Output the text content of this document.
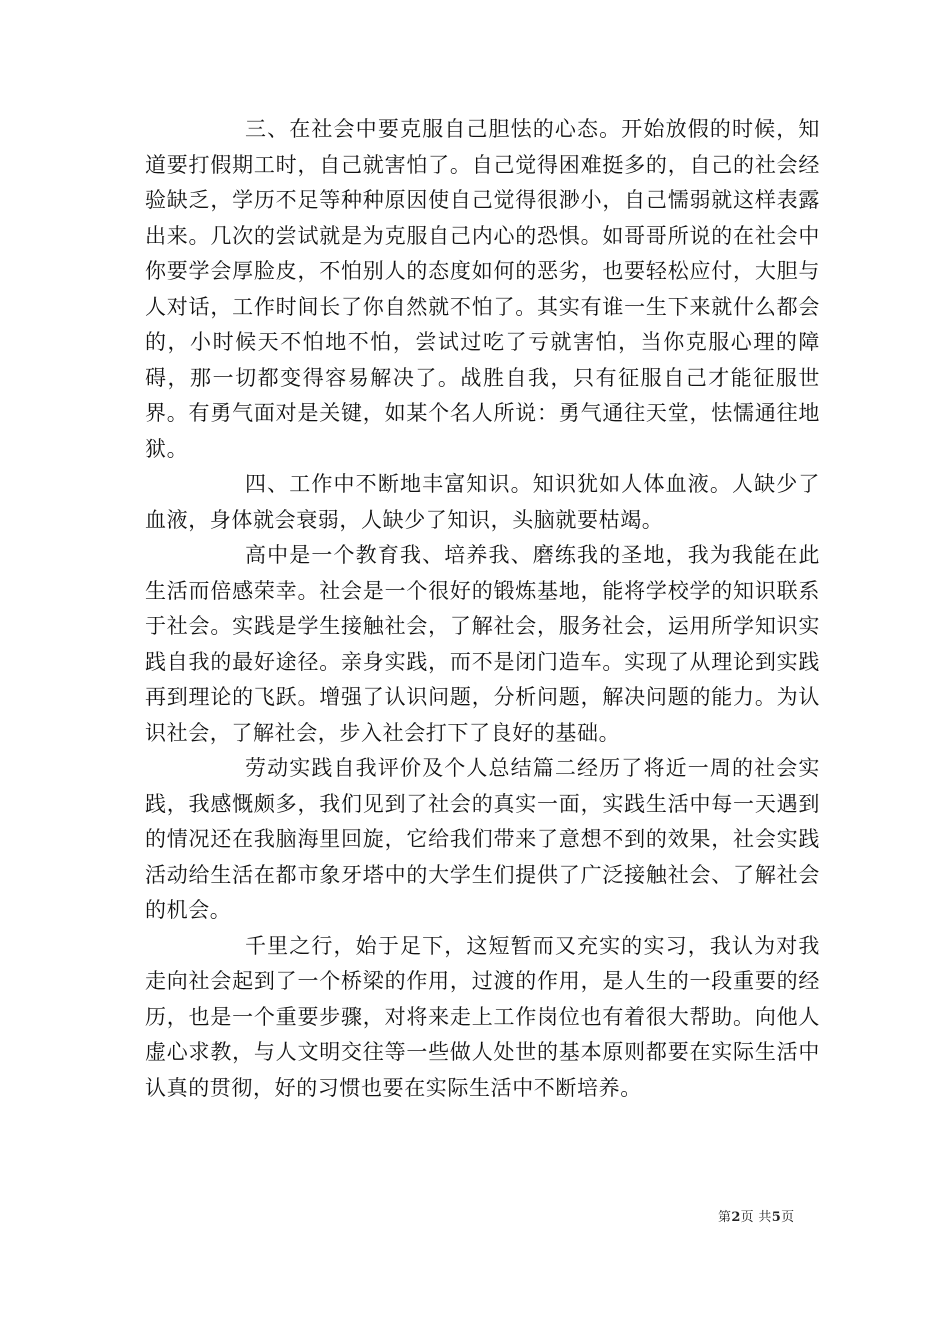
三、在社会中要克服自己胆怯的心态。开始放假的时候，知道要打假期工时，自己就害怕了。自己觉得困难挺多的，自己的社会经验缺乏，学历不足等种种原因使自己觉得很渺小，自己懦弱就这样表露出来。几次的尝试就是为克服自己内心的恐惧。如哥哥所说的在社会中你要学会厚脸皮，不怕别人的态度如何的恶劣，也要轻松应付，大胆与人对话，工作时间长了你自然就不怕了。其实有谁一生下来就什么都会的，小时候天不怕地不怕，尝试过吃了亏就害怕，当你克服心理的障碍，那一切都变得容易解决了。战胜自我，只有征服自己才能征服世界。有勇气面对是关键，如某个名人所说：勇气通往天堂，怯懦通往地狱。

四、工作中不断地丰富知识。知识犹如人体血液。人缺少了血液，身体就会衰弱，人缺少了知识，头脑就要枯竭。

高中是一个教育我、培养我、磨练我的圣地，我为我能在此生活而倍感荣幸。社会是一个很好的锻炼基地，能将学校学的知识联系于社会。实践是学生接触社会，了解社会，服务社会，运用所学知识实践自我的最好途径。亲身实践，而不是闭门造车。实现了从理论到实践再到理论的飞跃。增强了认识问题，分析问题，解决问题的能力。为认识社会，了解社会，步入社会打下了良好的基础。

劳动实践自我评价及个人总结篇二经历了将近一周的社会实践，我感慨颇多，我们见到了社会的真实一面，实践生活中每一天遇到的情况还在我脑海里回旋，它给我们带来了意想不到的效果，社会实践活动给生活在都市象牙塔中的大学生们提供了广泛接触社会、了解社会的机会。

千里之行，始于足下，这短暂而又充实的实习，我认为对我走向社会起到了一个桥梁的作用，过渡的作用，是人生的一段重要的经历，也是一个重要步骤，对将来走上工作岗位也有着很大帮助。向他人虚心求教，与人文明交往等一些做人处世的基本原则都要在实际生活中认真的贯彻，好的习惯也要在实际生活中不断培养。

第2页 共5页
